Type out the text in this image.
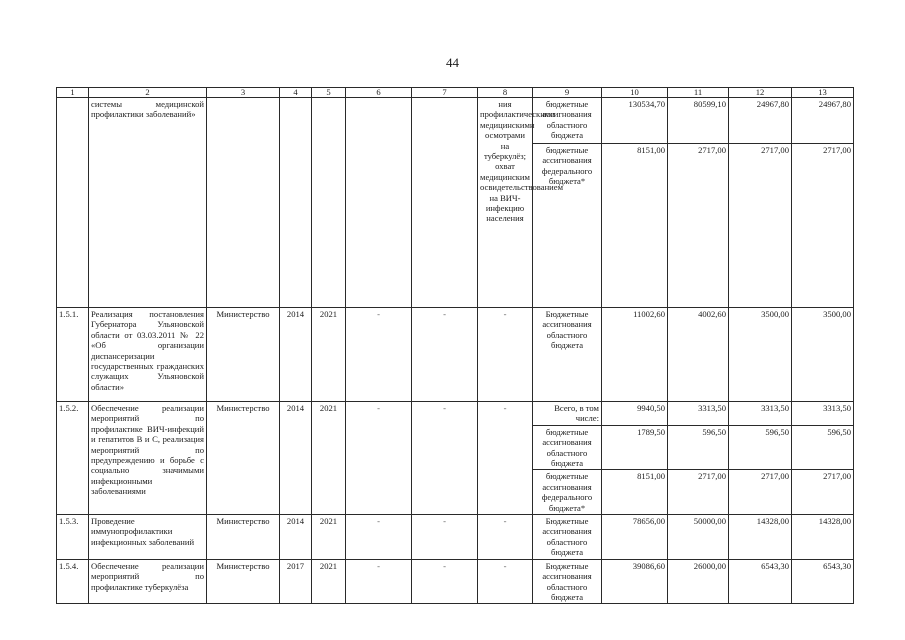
44
1	2	3	4	5	6	7	8	9	10	11	12	13
	системы медицинской профилактики заболеваний»						ния профилактическими медицинскими осмотрами на туберкулёз; охват медицинским освидетельствованием на ВИЧ-инфекцию населения	бюджетные ассигнования областного бюджета	130534,70	80599,10	24967,80	24967,80
								бюджетные ассигнования федерального бюджета*	8151,00	2717,00	2717,00	2717,00
1.5.1.	Реализация постановления Губернатора Ульяновской области от 03.03.2011 № 22 «Об организации диспансеризации государственных гражданских служащих Ульяновской области»	Министерство	2014	2021	-	-	-	Бюджетные ассигнования областного бюджета	11002,60	4002,60	3500,00	3500,00
1.5.2.	Обеспечение реализации мероприятий по профилактике ВИЧ-инфекций и гепатитов В и С, реализация мероприятий по предупреждению и борьбе с социально значимыми инфекционными заболеваниями	Министерство	2014	2021	-	-	-	Всего, в том числе:	9940,50	3313,50	3313,50	3313,50
								бюджетные ассигнования областного бюджета	1789,50	596,50	596,50	596,50
								бюджетные ассигнования федерального бюджета*	8151,00	2717,00	2717,00	2717,00
1.5.3.	Проведение иммунопрофилактики инфекционных заболеваний	Министерство	2014	2021	-	-	-	Бюджетные ассигнования областного бюджета	78656,00	50000,00	14328,00	14328,00
1.5.4.	Обеспечение реализации мероприятий по профилактике туберкулёза	Министерство	2017	2021	-	-	-	Бюджетные ассигнования областного бюджета	39086,60	26000,00	6543,30	6543,30
